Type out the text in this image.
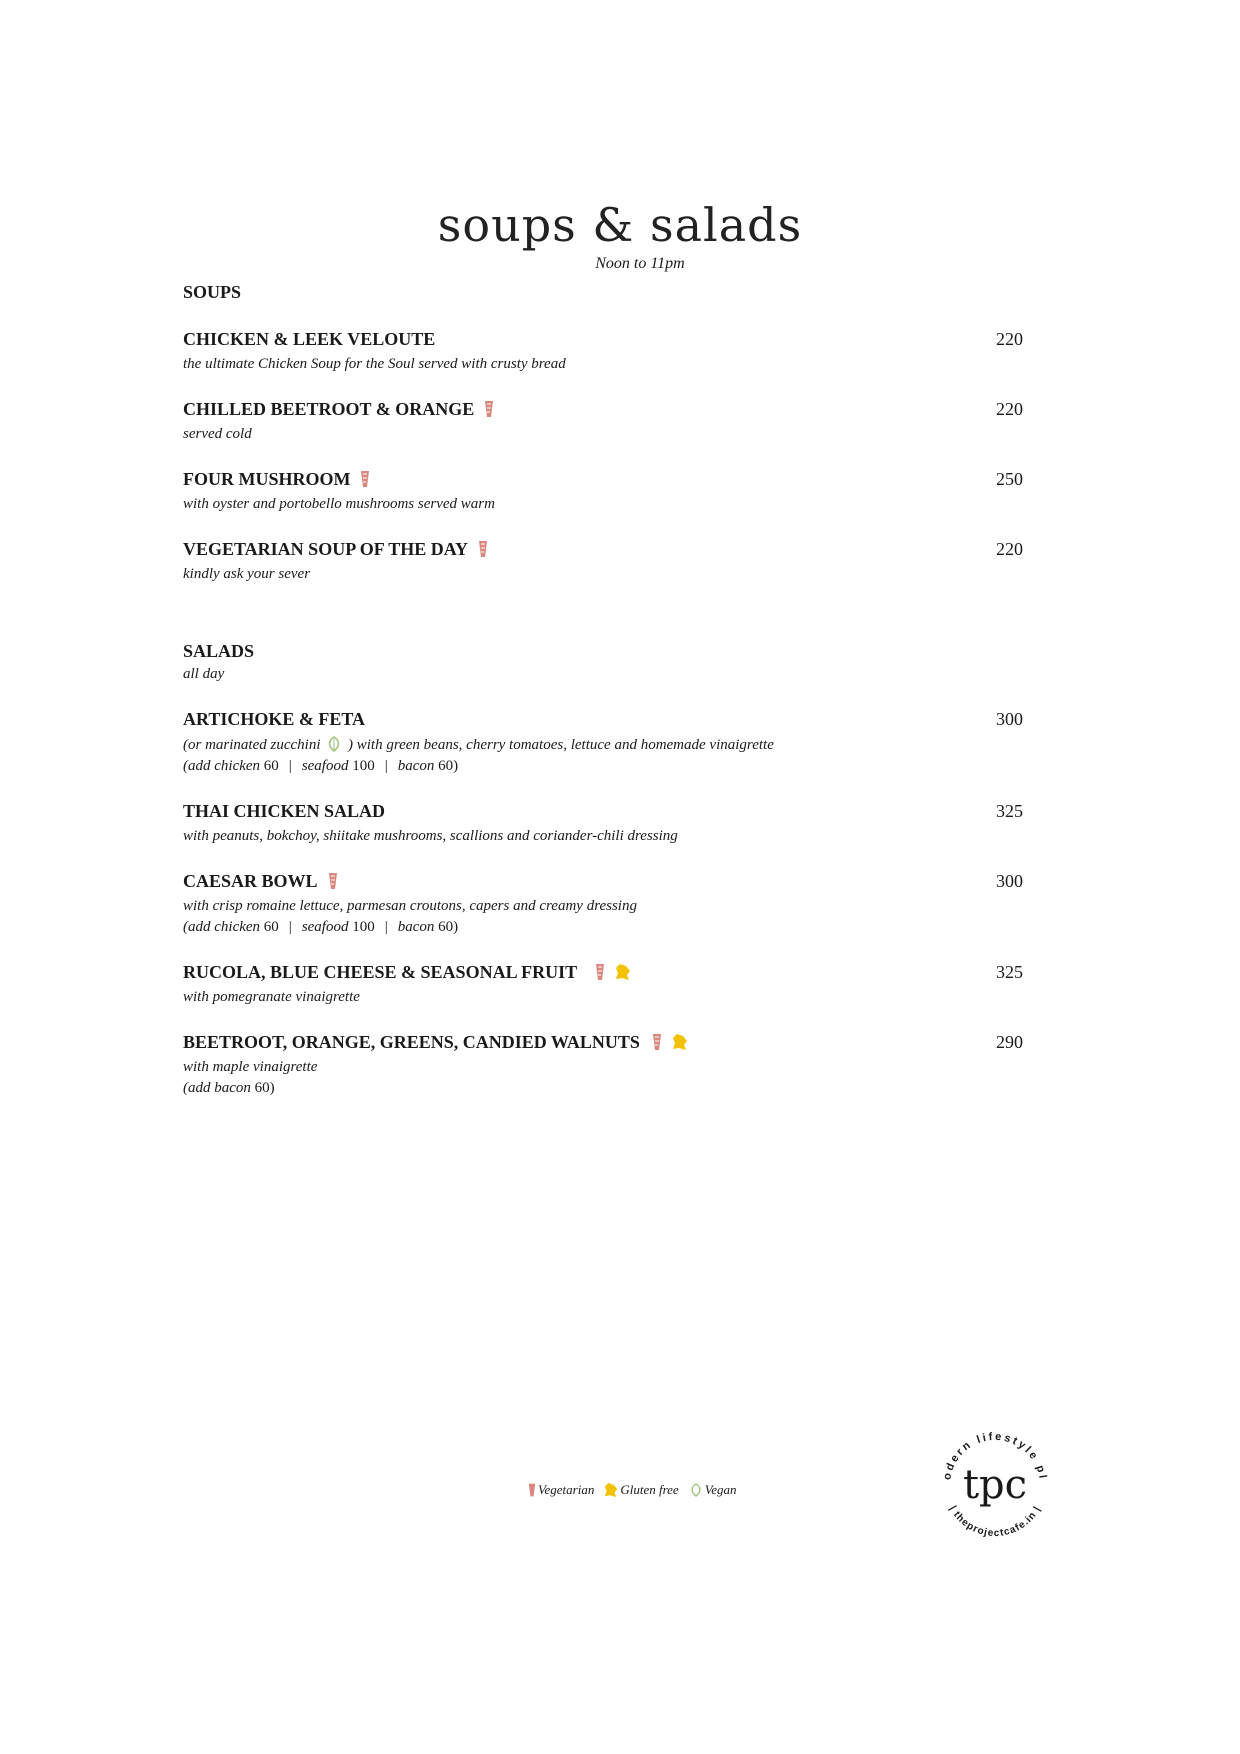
soups & salads
Noon to 11pm
SOUPS
CHICKEN & LEEK VELOUTE	220
the ultimate Chicken Soup for the Soul served with crusty bread
CHILLED BEETROOT & ORANGE	220
served cold
FOUR MUSHROOM	250
with oyster and portobello mushrooms served warm
VEGETARIAN SOUP OF THE DAY	220
kindly ask your sever
SALADS
all day
ARTICHOKE & FETA	300
(or marinated zucchini ) with green beans, cherry tomatoes, lettuce and homemade vinaigrette
(add chicken 60 | seafood 100 | bacon 60)
THAI CHICKEN SALAD	325
with peanuts, bokchoy, shiitake mushrooms, scallions and coriander-chili dressing
CAESAR BOWL	300
with crisp romaine lettuce, parmesan croutons, capers and creamy dressing
(add chicken 60 | seafood 100 | bacon 60)
RUCOLA, BLUE CHEESE & SEASONAL FRUIT
	325
with pomegranate vinaigrette
BEETROOT, ORANGE, GREENS, CANDIED WALNUTS
	290
with maple vinaigrette
(add bacon 60)
Vegetarian Gluten free Vegan
odern lifestyle pl
| theprojectcafe.in |
tpc
